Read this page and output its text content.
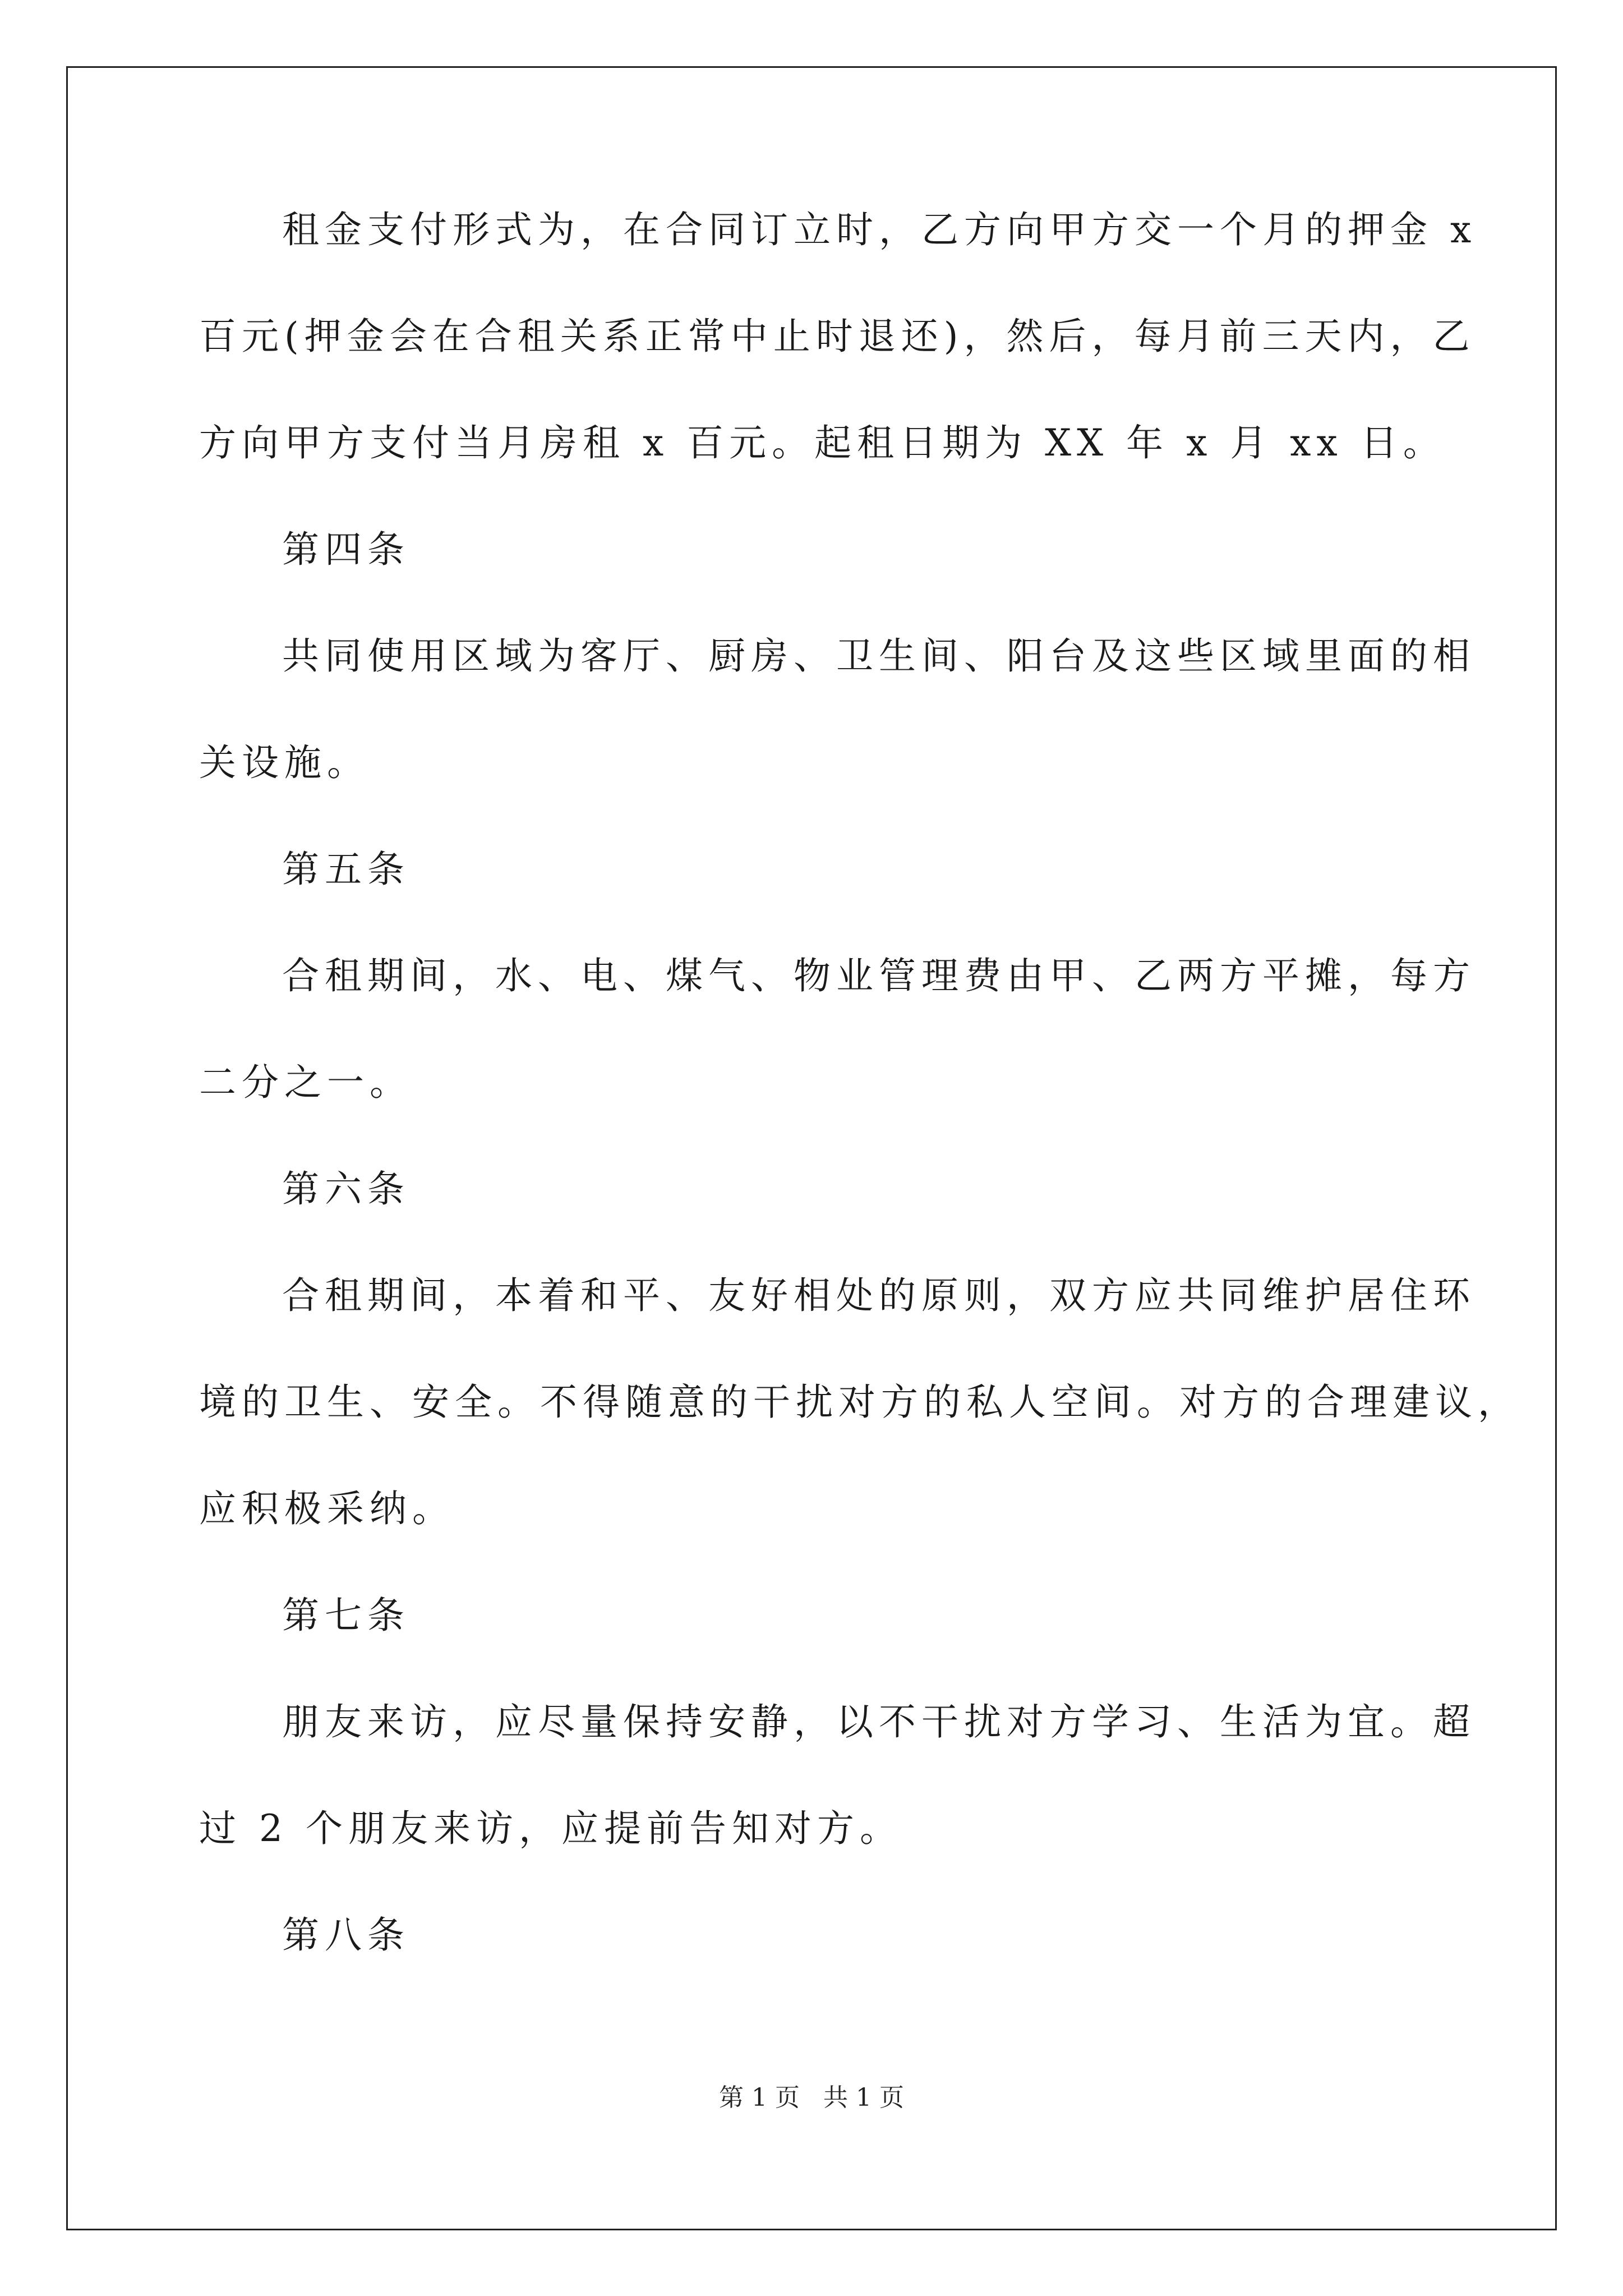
租金支付形式为，在合同订立时，乙方向甲方交一个月的押金 x
百元(押金会在合租关系正常中止时退还)，然后，每月前三天内，乙
方向甲方支付当月房租 x 百元。起租日期为 XX 年 x 月 xx 日。
第四条
共同使用区域为客厅、厨房、卫生间、阳台及这些区域里面的相
关设施。
第五条
合租期间，水、电、煤气、物业管理费由甲、乙两方平摊，每方
二分之一。
第六条
合租期间，本着和平、友好相处的原则，双方应共同维护居住环
境的卫生、安全。不得随意的干扰对方的私人空间。对方的合理建议，
应积极采纳。
第七条
朋友来访，应尽量保持安静，以不干扰对方学习、生活为宜。超
过 2 个朋友来访，应提前告知对方。
第八条
第 1 页 共 1 页
